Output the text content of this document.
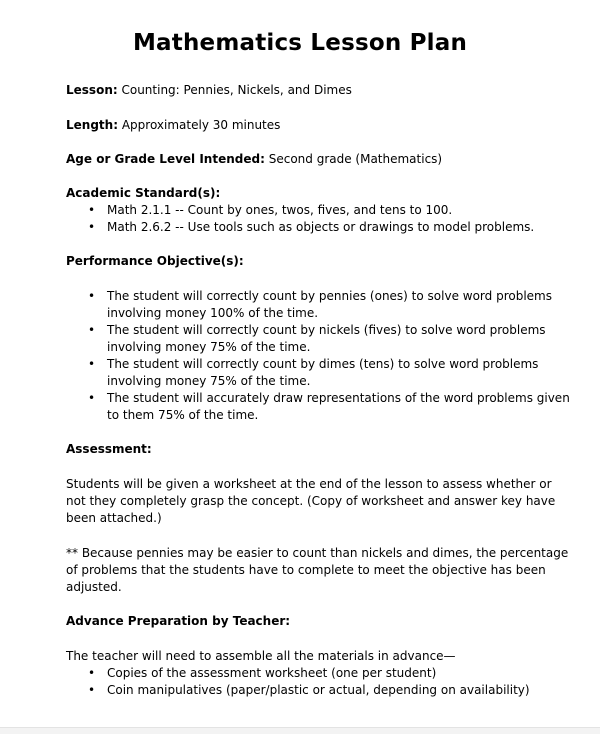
Mathematics Lesson Plan
Lesson: Counting: Pennies, Nickels, and Dimes
Length: Approximately 30 minutes
Age or Grade Level Intended: Second grade (Mathematics)
Academic Standard(s):
• Math 2.1.1 -- Count by ones, twos, fives, and tens to 100.
• Math 2.6.2 -- Use tools such as objects or drawings to model problems.
Performance Objective(s):
• The student will correctly count by pennies (ones) to solve word problems
involving money 100% of the time.
• The student will correctly count by nickels (fives) to solve word problems
involving money 75% of the time.
• The student will correctly count by dimes (tens) to solve word problems
involving money 75% of the time.
• The student will accurately draw representations of the word problems given
to them 75% of the time.
Assessment:
Students will be given a worksheet at the end of the lesson to assess whether or
not they completely grasp the concept. (Copy of worksheet and answer key have
been attached.)
** Because pennies may be easier to count than nickels and dimes, the percentage
of problems that the students have to complete to meet the objective has been
adjusted.
Advance Preparation by Teacher:
The teacher will need to assemble all the materials in advance—
• Copies of the assessment worksheet (one per student)
• Coin manipulatives (paper/plastic or actual, depending on availability)
